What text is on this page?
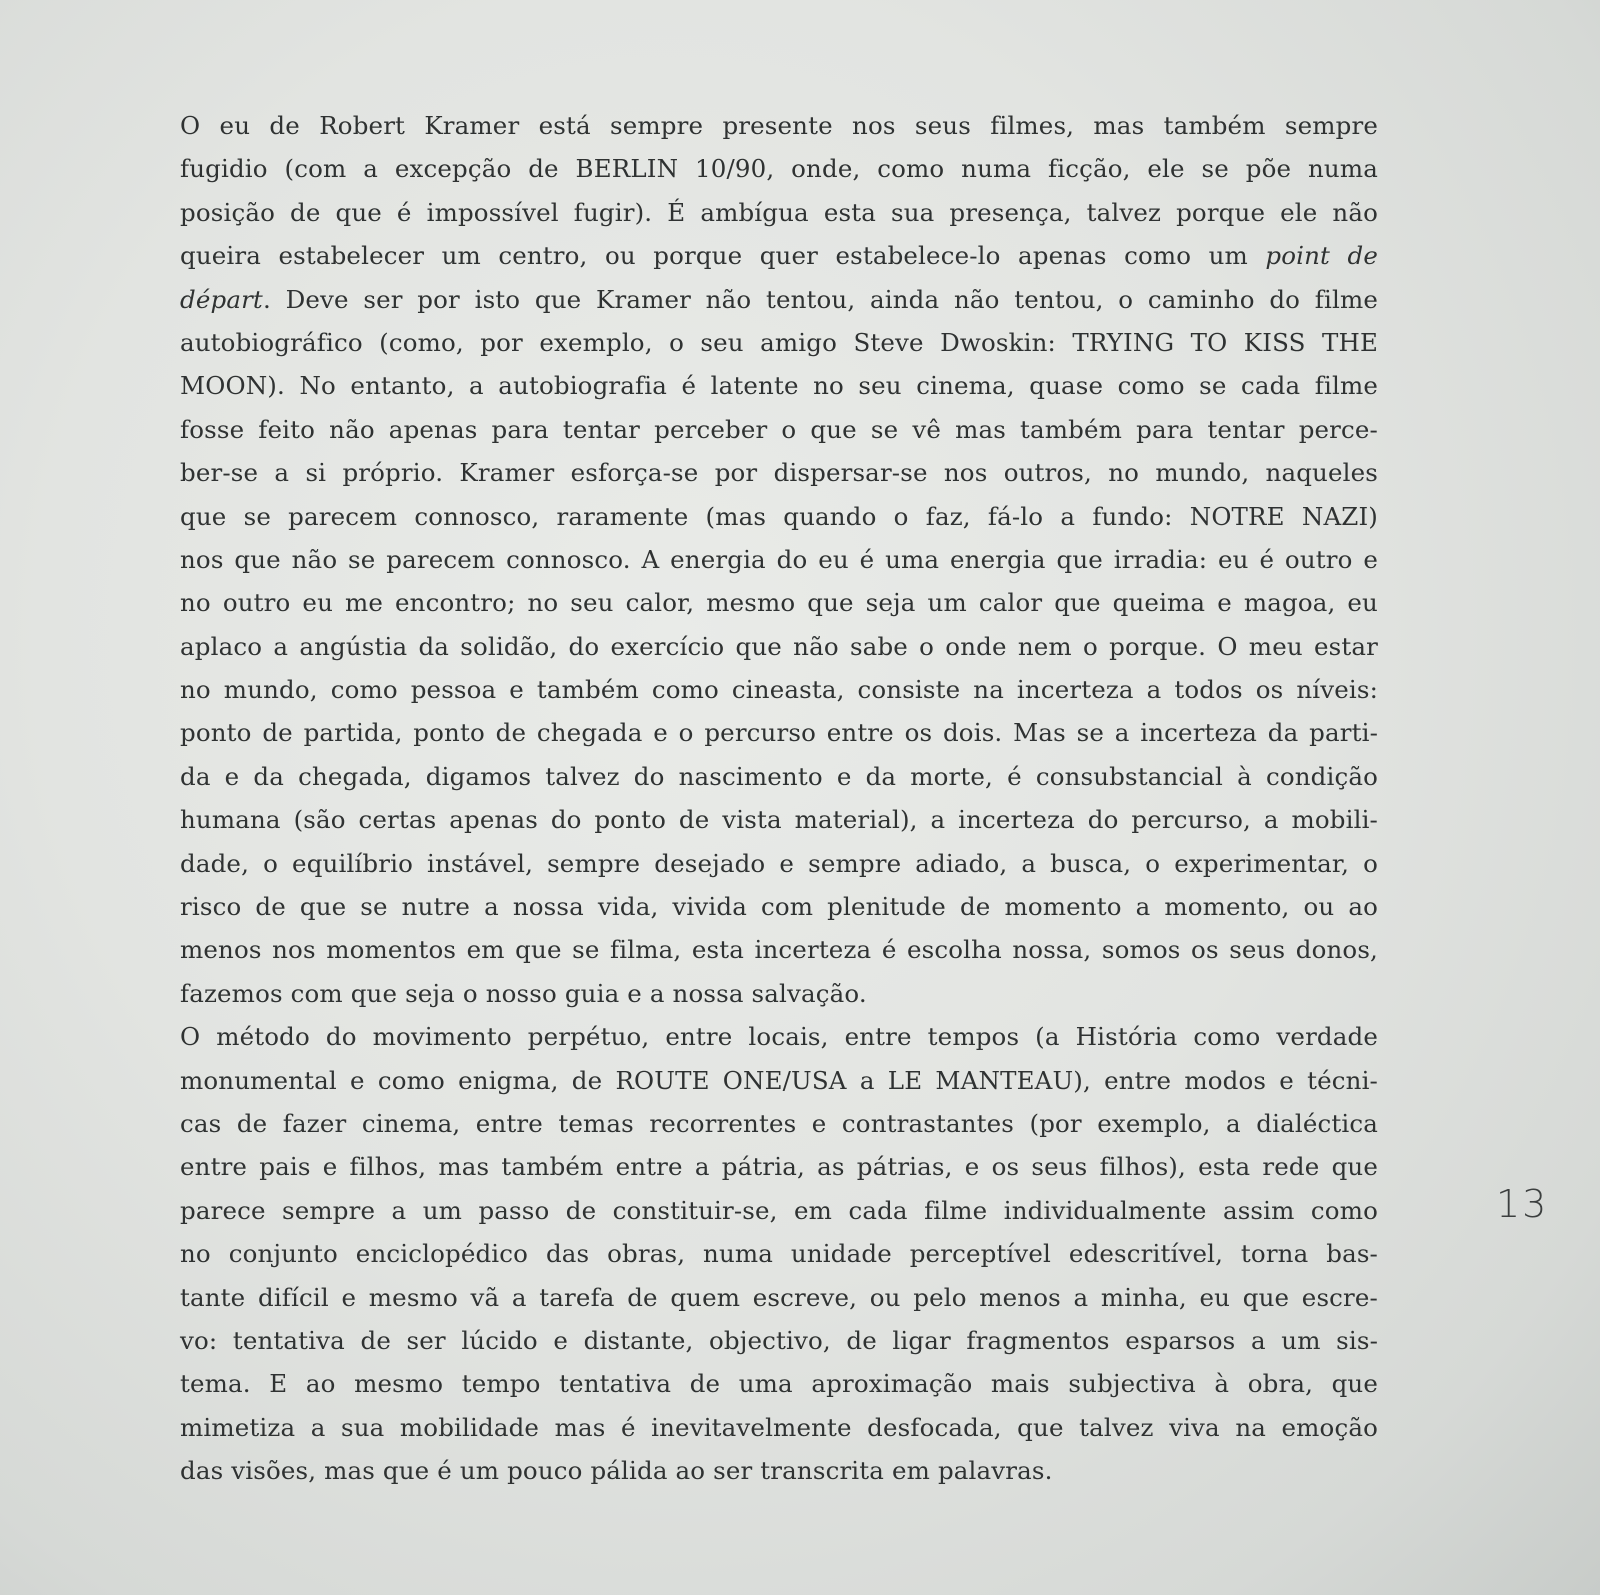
O eu de Robert Kramer está sempre presente nos seus filmes, mas também sempre
fugidio (com a excepção de BERLIN 10/90, onde, como numa ficção, ele se põe numa
posição de que é impossível fugir). É ambígua esta sua presença, talvez porque ele não
queira estabelecer um centro, ou porque quer estabelece-lo apenas como um point de
départ. Deve ser por isto que Kramer não tentou, ainda não tentou, o caminho do filme
autobiográfico (como, por exemplo, o seu amigo Steve Dwoskin: TRYING TO KISS THE
MOON). No entanto, a autobiografia é latente no seu cinema, quase como se cada filme
fosse feito não apenas para tentar perceber o que se vê mas também para tentar perce-
ber-se a si próprio. Kramer esforça-se por dispersar-se nos outros, no mundo, naqueles
que se parecem connosco, raramente (mas quando o faz, fá-lo a fundo: NOTRE NAZI)
nos que não se parecem connosco. A energia do eu é uma energia que irradia: eu é outro e
no outro eu me encontro; no seu calor, mesmo que seja um calor que queima e magoa, eu
aplaco a angústia da solidão, do exercício que não sabe o onde nem o porque. O meu estar
no mundo, como pessoa e também como cineasta, consiste na incerteza a todos os níveis:
ponto de partida, ponto de chegada e o percurso entre os dois. Mas se a incerteza da parti-
da e da chegada, digamos talvez do nascimento e da morte, é consubstancial à condição
humana (são certas apenas do ponto de vista material), a incerteza do percurso, a mobili-
dade, o equilíbrio instável, sempre desejado e sempre adiado, a busca, o experimentar, o
risco de que se nutre a nossa vida, vivida com plenitude de momento a momento, ou ao
menos nos momentos em que se filma, esta incerteza é escolha nossa, somos os seus donos,
fazemos com que seja o nosso guia e a nossa salvação.
O método do movimento perpétuo, entre locais, entre tempos (a História como verdade
monumental e como enigma, de ROUTE ONE/USA a LE MANTEAU), entre modos e técni-
cas de fazer cinema, entre temas recorrentes e contrastantes (por exemplo, a dialéctica
entre pais e filhos, mas também entre a pátria, as pátrias, e os seus filhos), esta rede que
parece sempre a um passo de constituir-se, em cada filme individualmente assim como
no conjunto enciclopédico das obras, numa unidade perceptível edescritível, torna bas-
tante difícil e mesmo vã a tarefa de quem escreve, ou pelo menos a minha, eu que escre-
vo: tentativa de ser lúcido e distante, objectivo, de ligar fragmentos esparsos a um sis-
tema. E ao mesmo tempo tentativa de uma aproximação mais subjectiva à obra, que
mimetiza a sua mobilidade mas é inevitavelmente desfocada, que talvez viva na emoção
das visões, mas que é um pouco pálida ao ser transcrita em palavras.
13
